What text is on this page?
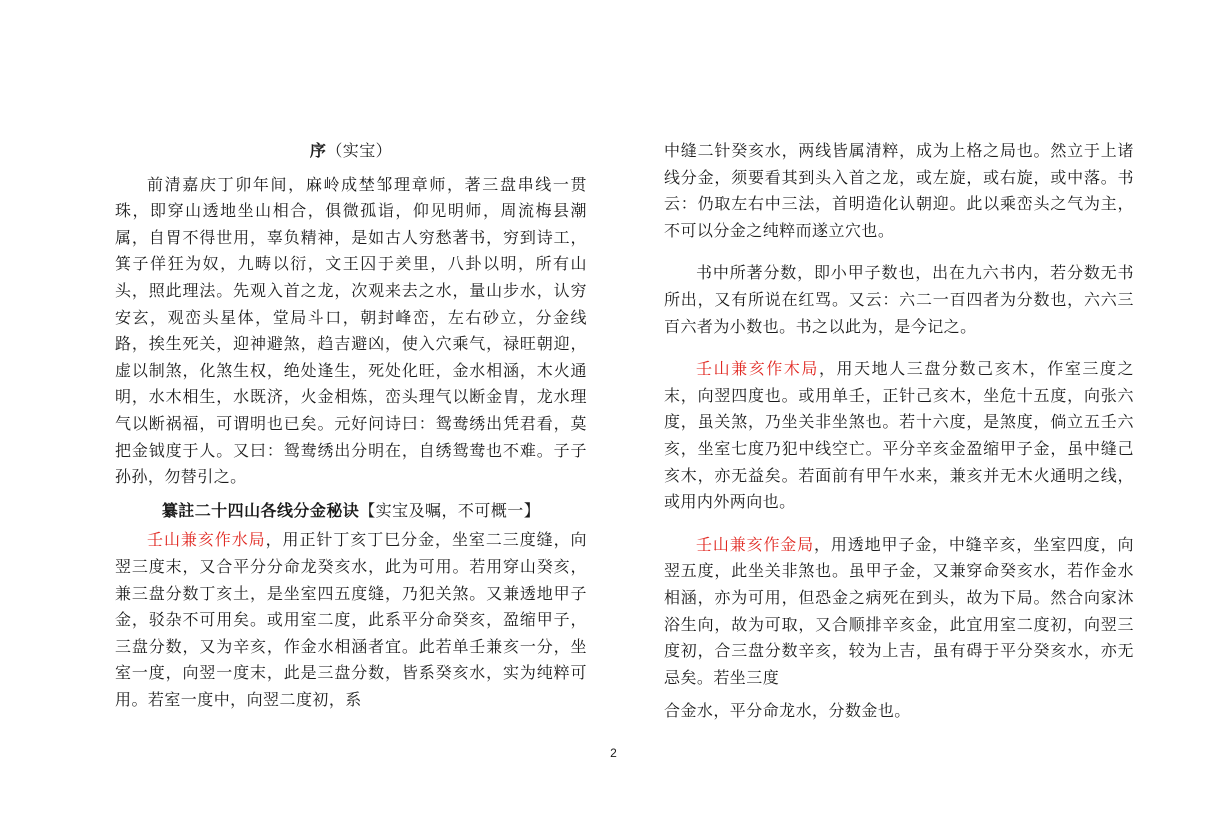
序（实宝）

前清嘉庆丁卯年间，麻岭成埜邹理章师，著三盘串线一贯珠，即穿山透地坐山相合，俱微孤诣，仰见明师，周流梅县潮属，自胃不得世用，辜负精神，是如古人穷愁著书，穷到诗工，箕子佯狂为奴，九畴以衍，文王囚于羑里，八卦以明，所有山头，照此理法。先观入首之龙，次观来去之水，量山步水，认穷安玄，观峦头星体，堂局斗口，朝封峰峦，左右砂立，分金线路，挨生死关，迎神避煞，趋吉避凶，使入穴乘气，禄旺朝迎，虚以制煞，化煞生权，绝处逢生，死处化旺，金水相涵，木火通明，水木相生，水既济，火金相炼，峦头理气以断金胄，龙水理气以断祸福，可谓明也已矣。元好问诗曰：鸳鸯绣出凭君看，莫把金钺度于人。又曰：鸳鸯绣出分明在，自绣鸳鸯也不难。子子孙孙，勿替引之。

纂註二十四山各线分金秘诀【实宝及嘱，不可概一】

壬山兼亥作水局，用正针丁亥丁巳分金，坐室二三度缝，向翌三度末，又合平分分命龙癸亥水，此为可用。若用穿山癸亥，兼三盘分数丁亥土，是坐室四五度缝，乃犯关煞。又兼透地甲子金，驳杂不可用矣。或用室二度，此系平分命癸亥，盈缩甲子，三盘分数，又为辛亥，作金水相涵者宜。此若单壬兼亥一分，坐室一度，向翌一度末，此是三盘分数，皆系癸亥水，实为纯粹可用。若室一度中，向翌二度初，系

中缝二针癸亥水，两线皆属清粹，成为上格之局也。然立于上诸线分金，须要看其到头入首之龙，或左旋，或右旋，或中落。书云：仍取左右中三法，首明造化认朝迎。此以乘峦头之气为主，不可以分金之纯粹而遂立穴也。

书中所著分数，即小甲子数也，出在九六书内，若分数无书所出，又有所说在红骂。又云：六二一百四者为分数也，六六三百六者为小数也。书之以此为，是今记之。

壬山兼亥作木局，用天地人三盘分数己亥木，作室三度之末，向翌四度也。或用单壬，正针己亥木，坐危十五度，向张六度，虽关煞，乃坐关非坐煞也。若十六度，是煞度，倘立五壬六亥，坐室七度乃犯中线空亡。平分辛亥金盈缩甲子金，虽中缝己亥木，亦无益矣。若面前有甲午水来，兼亥并无木火通明之线，或用内外两向也。

壬山兼亥作金局，用透地甲子金，中缝辛亥，坐室四度，向翌五度，此坐关非煞也。虽甲子金，又兼穿命癸亥水，若作金水相涵，亦为可用，但恐金之病死在到头，故为下局。然合向家沐浴生向，故为可取，又合顺排辛亥金，此宜用室二度初，向翌三度初，合三盘分数辛亥，较为上吉，虽有碍于平分癸亥水，亦无忌矣。若坐三度

合金水，平分命龙水，分数金也。

2
